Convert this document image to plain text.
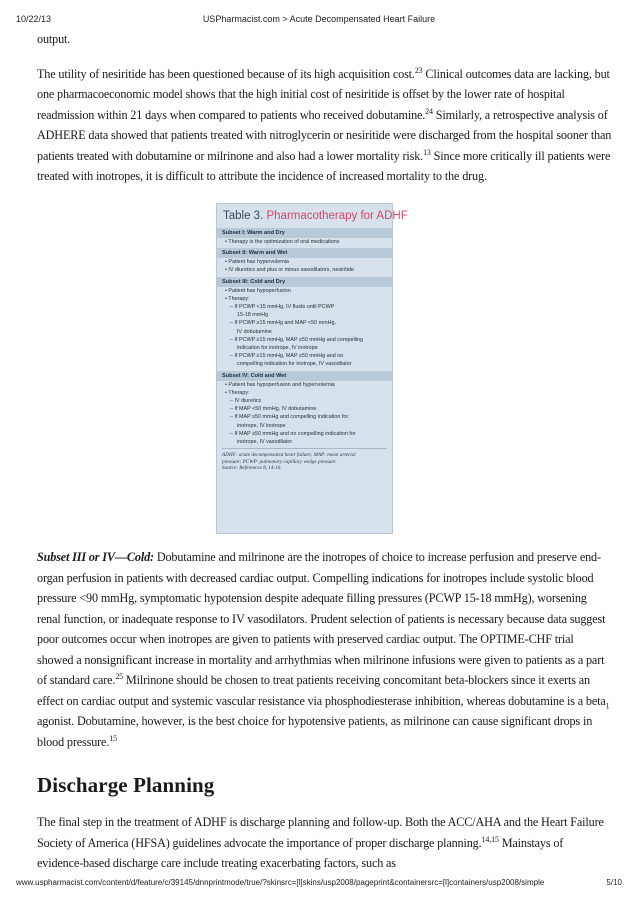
10/22/13	USPharmacist.com > Acute Decompensated Heart Failure

output.

The utility of nesiritide has been questioned because of its high acquisition cost.$^{23}$ Clinical outcomes data are lacking, but one pharmacoeconomic model shows that the high initial cost of nesiritide is offset by the lower rate of hospital readmission within 21 days when compared to patients who received dobutamine.$^{24}$ Similarly, a retrospective analysis of ADHERE data showed that patients treated with nitroglycerin or nesiritide were discharged from the hospital sooner than patients treated with dobutamine or milrinone and also had a lower mortality risk.$^{13}$ Since more critically ill patients were treated with inotropes, it is difficult to attribute the incidence of increased mortality to the drug.

Table 3. Pharmacotherapy for ADHF
Subset I: Warm and Dry
• Therapy is the optimization of oral medications
Subset II: Warm and Wet
• Patient has hypervolemia
• IV diuretics and plus or minus vasodilators, nesiritide
Subset III: Cold and Dry
• Patient has hypoperfusion
• Therapy:
– If PCWP <15 mmHg, IV fluids until PCWP
15-18 mmHg
– If PCWP ≥15 mmHg and MAP <50 mmHg,
IV dobutamine
– If PCWP ≥15 mmHg, MAP ≥50 mmHg and compelling
indication for inotrope, IV inotrope
– If PCWP ≥15 mmHg, MAP ≥50 mmHg and no
compelling indication for inotrope, IV vasodilator
Subset IV: Cold and Wet
• Patient has hypoperfusion and hypervolemia
• Therapy:
– IV diuretics
– If MAP <50 mmHg, IV dobutamine
– If MAP ≥50 mmHg and compelling indication for
inotrope, IV inotrope
– If MAP ≥50 mmHg and no compelling indication for
inotrope, IV vasodilator
ADHF: acute decompensated heart failure; MAP: mean arterial
pressure; PCWP: pulmonary capillary wedge pressure.
Source: References 8, 14-16.

Subset III or IV—Cold: Dobutamine and milrinone are the inotropes of choice to increase perfusion and preserve end-organ perfusion in patients with decreased cardiac output. Compelling indications for inotropes include systolic blood pressure <90 mmHg, symptomatic hypotension despite adequate filling pressures (PCWP 15-18 mmHg), worsening renal function, or inadequate response to IV vasodilators. Prudent selection of patients is necessary because data suggest poor outcomes occur when inotropes are given to patients with preserved cardiac output. The OPTIME-CHF trial showed a nonsignificant increase in mortality and arrhythmias when milrinone infusions were given to patients as a part of standard care.$^{25}$ Milrinone should be chosen to treat patients receiving concomitant beta-blockers since it exerts an effect on cardiac output and systemic vascular resistance via phosphodiesterase inhibition, whereas dobutamine is a beta$_1$ agonist. Dobutamine, however, is the best choice for hypotensive patients, as milrinone can cause significant drops in blood pressure.$^{15}$

Discharge Planning

The final step in the treatment of ADHF is discharge planning and follow-up. Both the ACC/AHA and the Heart Failure Society of America (HFSA) guidelines advocate the importance of proper discharge planning.$^{14,15}$ Mainstays of evidence-based discharge care include treating exacerbating factors, such as

www.uspharmacist.com/content/d/feature/c/39145/dnnprintmode/true/?skinsrc=[l]skins/usp2008/pageprint&containersrc=[l]containers/usp2008/simple	5/10
